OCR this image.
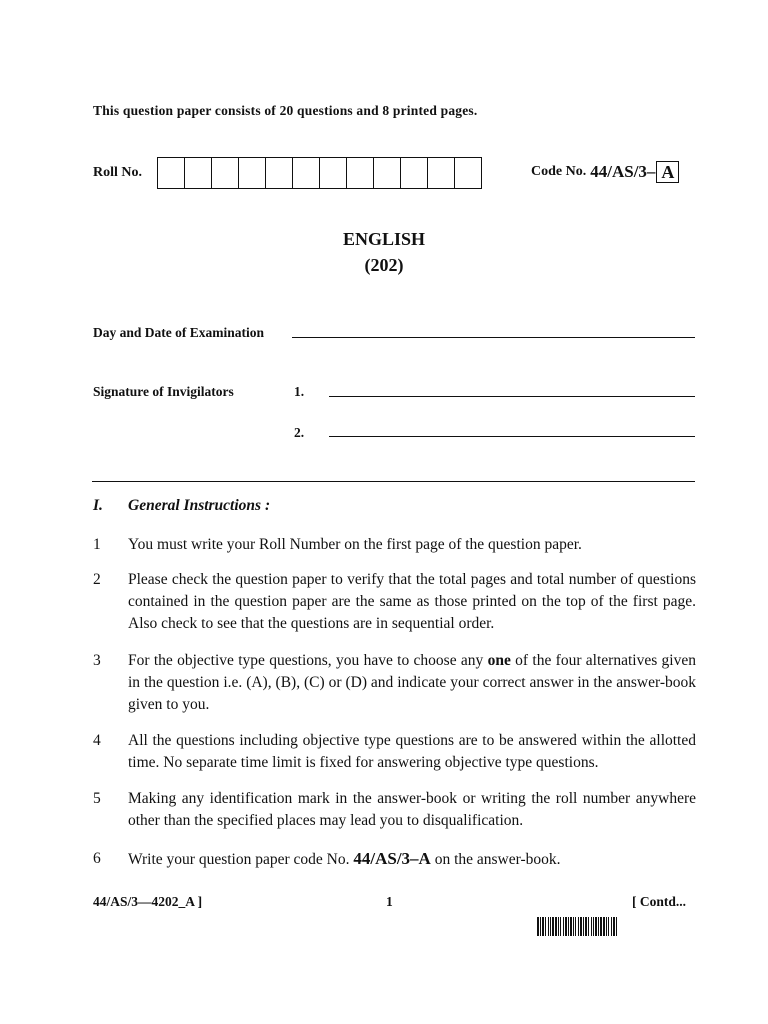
This question paper consists of 20 questions and 8 printed pages.
Roll No.	Code No. 44/AS/3– A
ENGLISH
(202)
Day and Date of Examination
Signature of Invigilators	1.
2.
I. General Instructions :
1	You must write your Roll Number on the first page of the question paper.
2	Please check the question paper to verify that the total pages and total number of questions contained in the question paper are the same as those printed on the top of the first page. Also check to see that the questions are in sequential order.
3	For the objective type questions, you have to choose any one of the four alternatives given in the question i.e. (A), (B), (C) or (D) and indicate your correct answer in the answer-book given to you.
4	All the questions including objective type questions are to be answered within the allotted time. No separate time limit is fixed for answering objective type questions.
5	Making any identification mark in the answer-book or writing the roll number anywhere other than the specified places may lead you to disqualification.
6	Write your question paper code No. 44/AS/3–A on the answer-book.
44/AS/3—4202_A ]	1	[ Contd...
